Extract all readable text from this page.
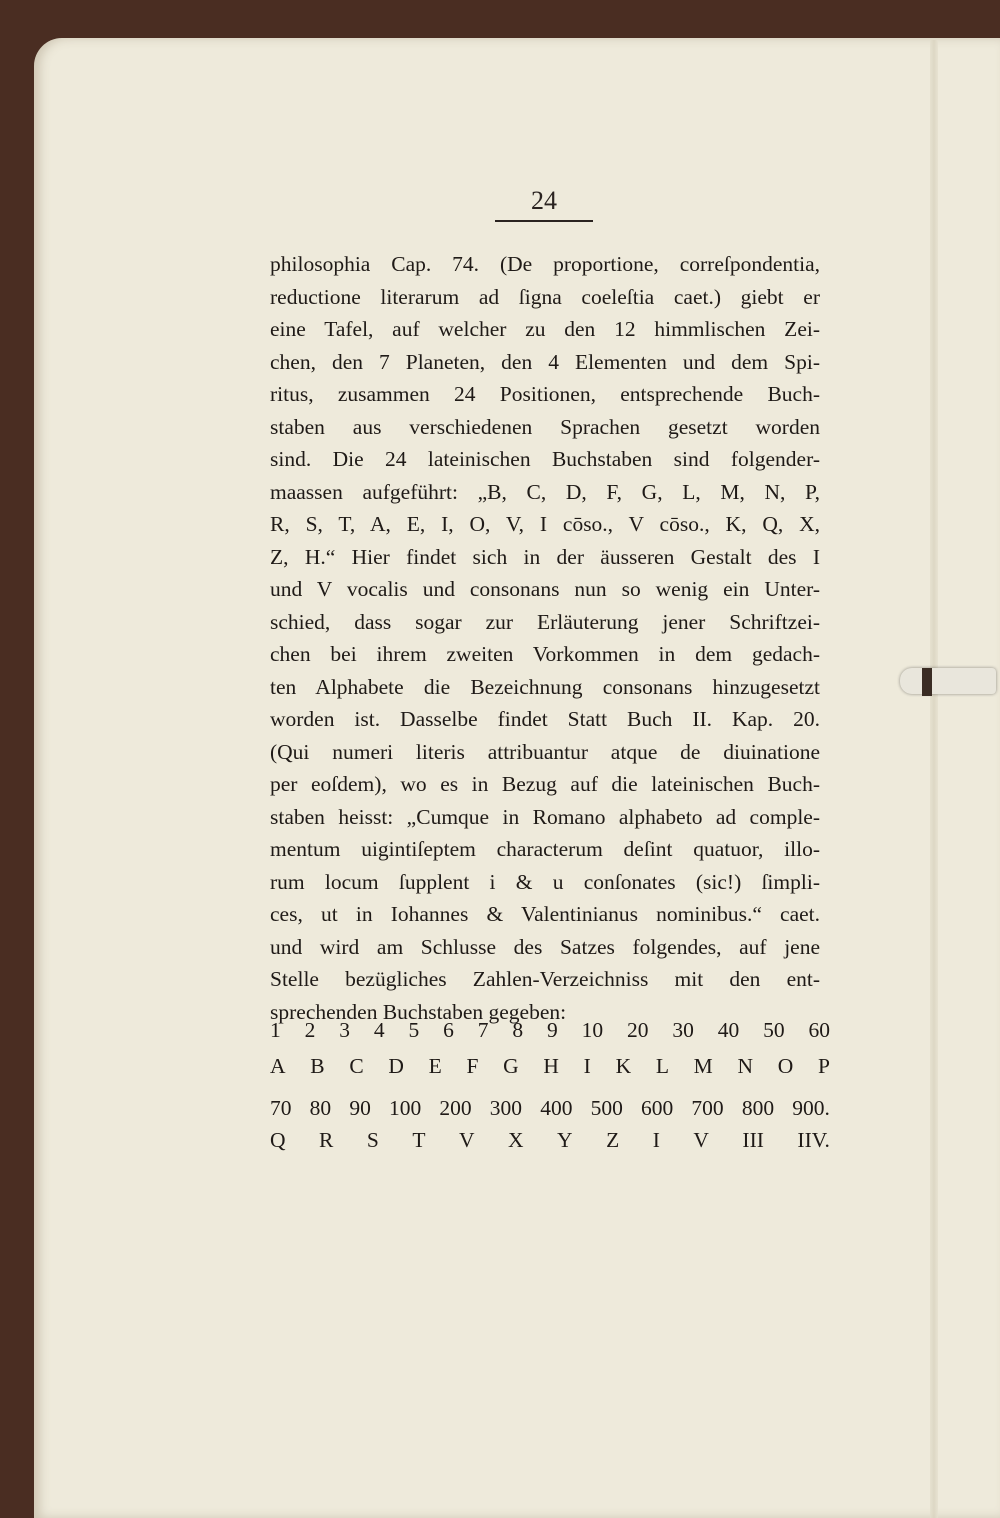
24
philosophia Cap. 74. (De proportione, correſpondentia,
reductione literarum ad ſigna coeleſtia caet.) giebt er
eine Tafel, auf welcher zu den 12 himmlischen Zei-
chen, den 7 Planeten, den 4 Elementen und dem Spi-
ritus, zusammen 24 Positionen, entsprechende Buch-
staben aus verschiedenen Sprachen gesetzt worden
sind. Die 24 lateinischen Buchstaben sind folgender-
maassen aufgeführt: „B, C, D, F, G, L, M, N, P,
R, S, T, A, E, I, O, V, I cōso., V cōso., K, Q, X,
Z, H.“ Hier findet sich in der äusseren Gestalt des I
und V vocalis und consonans nun so wenig ein Unter-
schied, dass sogar zur Erläuterung jener Schriftzei-
chen bei ihrem zweiten Vorkommen in dem gedach-
ten Alphabete die Bezeichnung consonans hinzugesetzt
worden ist. Dasselbe findet Statt Buch II. Kap. 20.
(Qui numeri literis attribuantur atque de diuinatione
per eoſdem), wo es in Bezug auf die lateinischen Buch-
staben heisst: „Cumque in Romano alphabeto ad comple-
mentum uigintiſeptem characterum deſint quatuor, illo-
rum locum ſupplent i & u conſonates (sic!) ſimpli-
ces, ut in Iohannes & Valentinianus nominibus.“ caet.
und wird am Schlusse des Satzes folgendes, auf jene
Stelle bezügliches Zahlen-Verzeichniss mit den ent-
sprechenden Buchstaben gegeben:
1 2 3 4 5 6 7 8 9 10 20 30 40 50 60
A B C D E F G H I K L M N O P
70 80 90 100 200 300 400 500 600 700 800 900.
Q R S T V X Y Z I V III IIV.
